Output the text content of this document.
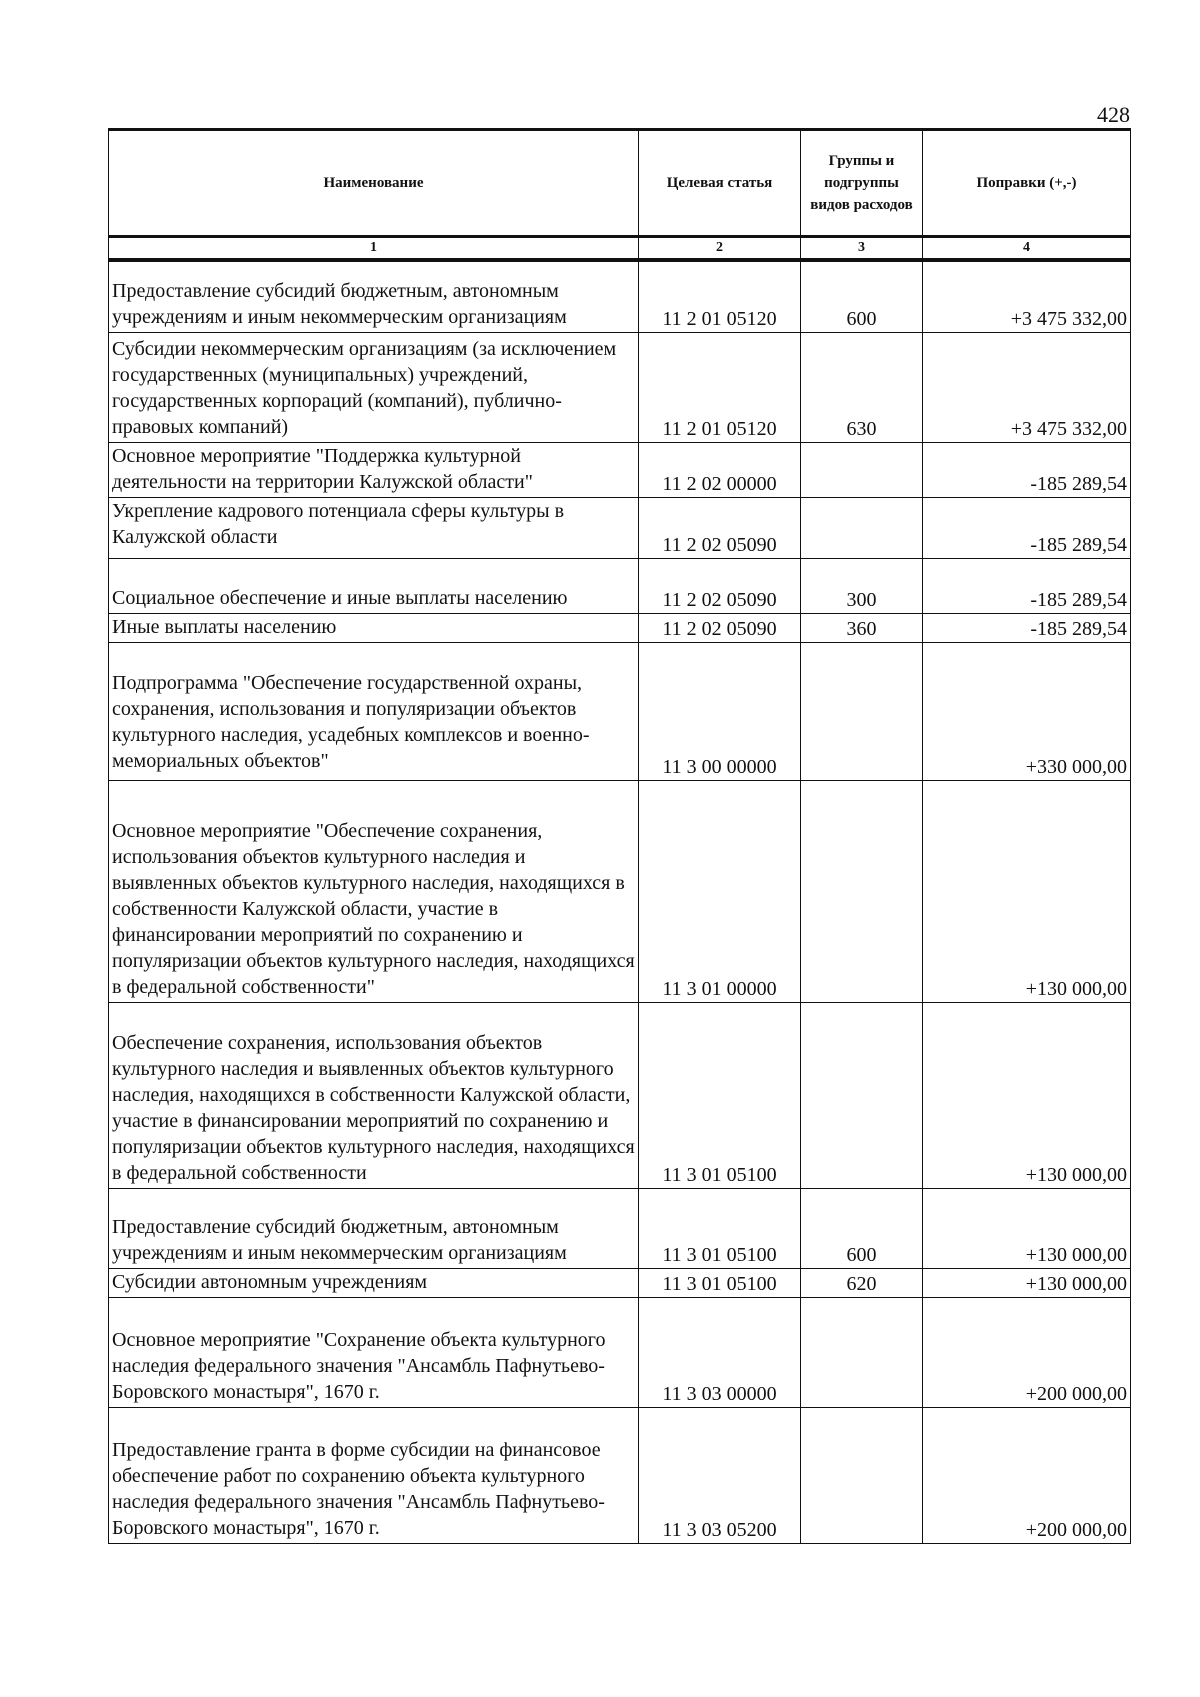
428
Наименование	Целевая статья	Группы и подгруппы видов расходов	Поправки (+,-)
1	2	3	4

Предоставление субсидий бюджетным, автономным учреждениям и иным некоммерческим организациям	11 2 01 05120	600	+3 475 332,00

Субсидии некоммерческим организациям (за исключением государственных (муниципальных) учреждений, государственных корпораций (компаний), публично-правовых компаний)	11 2 01 05120	630	+3 475 332,00

Основное мероприятие "Поддержка культурной деятельности на территории Калужской области"	11 2 02 00000		-185 289,54

Укрепление кадрового потенциала сферы культуры в Калужской области	11 2 02 05090		-185 289,54

Социальное обеспечение и иные выплаты населению	11 2 02 05090	300	-185 289,54

Иные выплаты населению	11 2 02 05090	360	-185 289,54

Подпрограмма "Обеспечение государственной охраны, сохранения, использования и популяризации объектов культурного наследия, усадебных комплексов и военно-мемориальных объектов"	11 3 00 00000		+330 000,00

Основное мероприятие "Обеспечение сохранения, использования объектов культурного наследия и выявленных объектов культурного наследия, находящихся в собственности Калужской области, участие в финансировании мероприятий по сохранению и популяризации объектов культурного наследия, находящихся в федеральной собственности"	11 3 01 00000		+130 000,00

Обеспечение сохранения, использования объектов культурного наследия и выявленных объектов культурного наследия, находящихся в собственности Калужской области, участие в финансировании мероприятий по сохранению и популяризации объектов культурного наследия, находящихся в федеральной собственности	11 3 01 05100		+130 000,00

Предоставление субсидий бюджетным, автономным учреждениям и иным некоммерческим организациям	11 3 01 05100	600	+130 000,00

Субсидии автономным учреждениям	11 3 01 05100	620	+130 000,00

Основное мероприятие "Сохранение объекта культурного наследия федерального значения "Ансамбль Пафнутьево-Боровского монастыря", 1670 г.	11 3 03 00000		+200 000,00

Предоставление гранта в форме субсидии на финансовое обеспечение работ по сохранению объекта культурного наследия федерального значения "Ансамбль Пафнутьево-Боровского монастыря", 1670 г.	11 3 03 05200		+200 000,00
